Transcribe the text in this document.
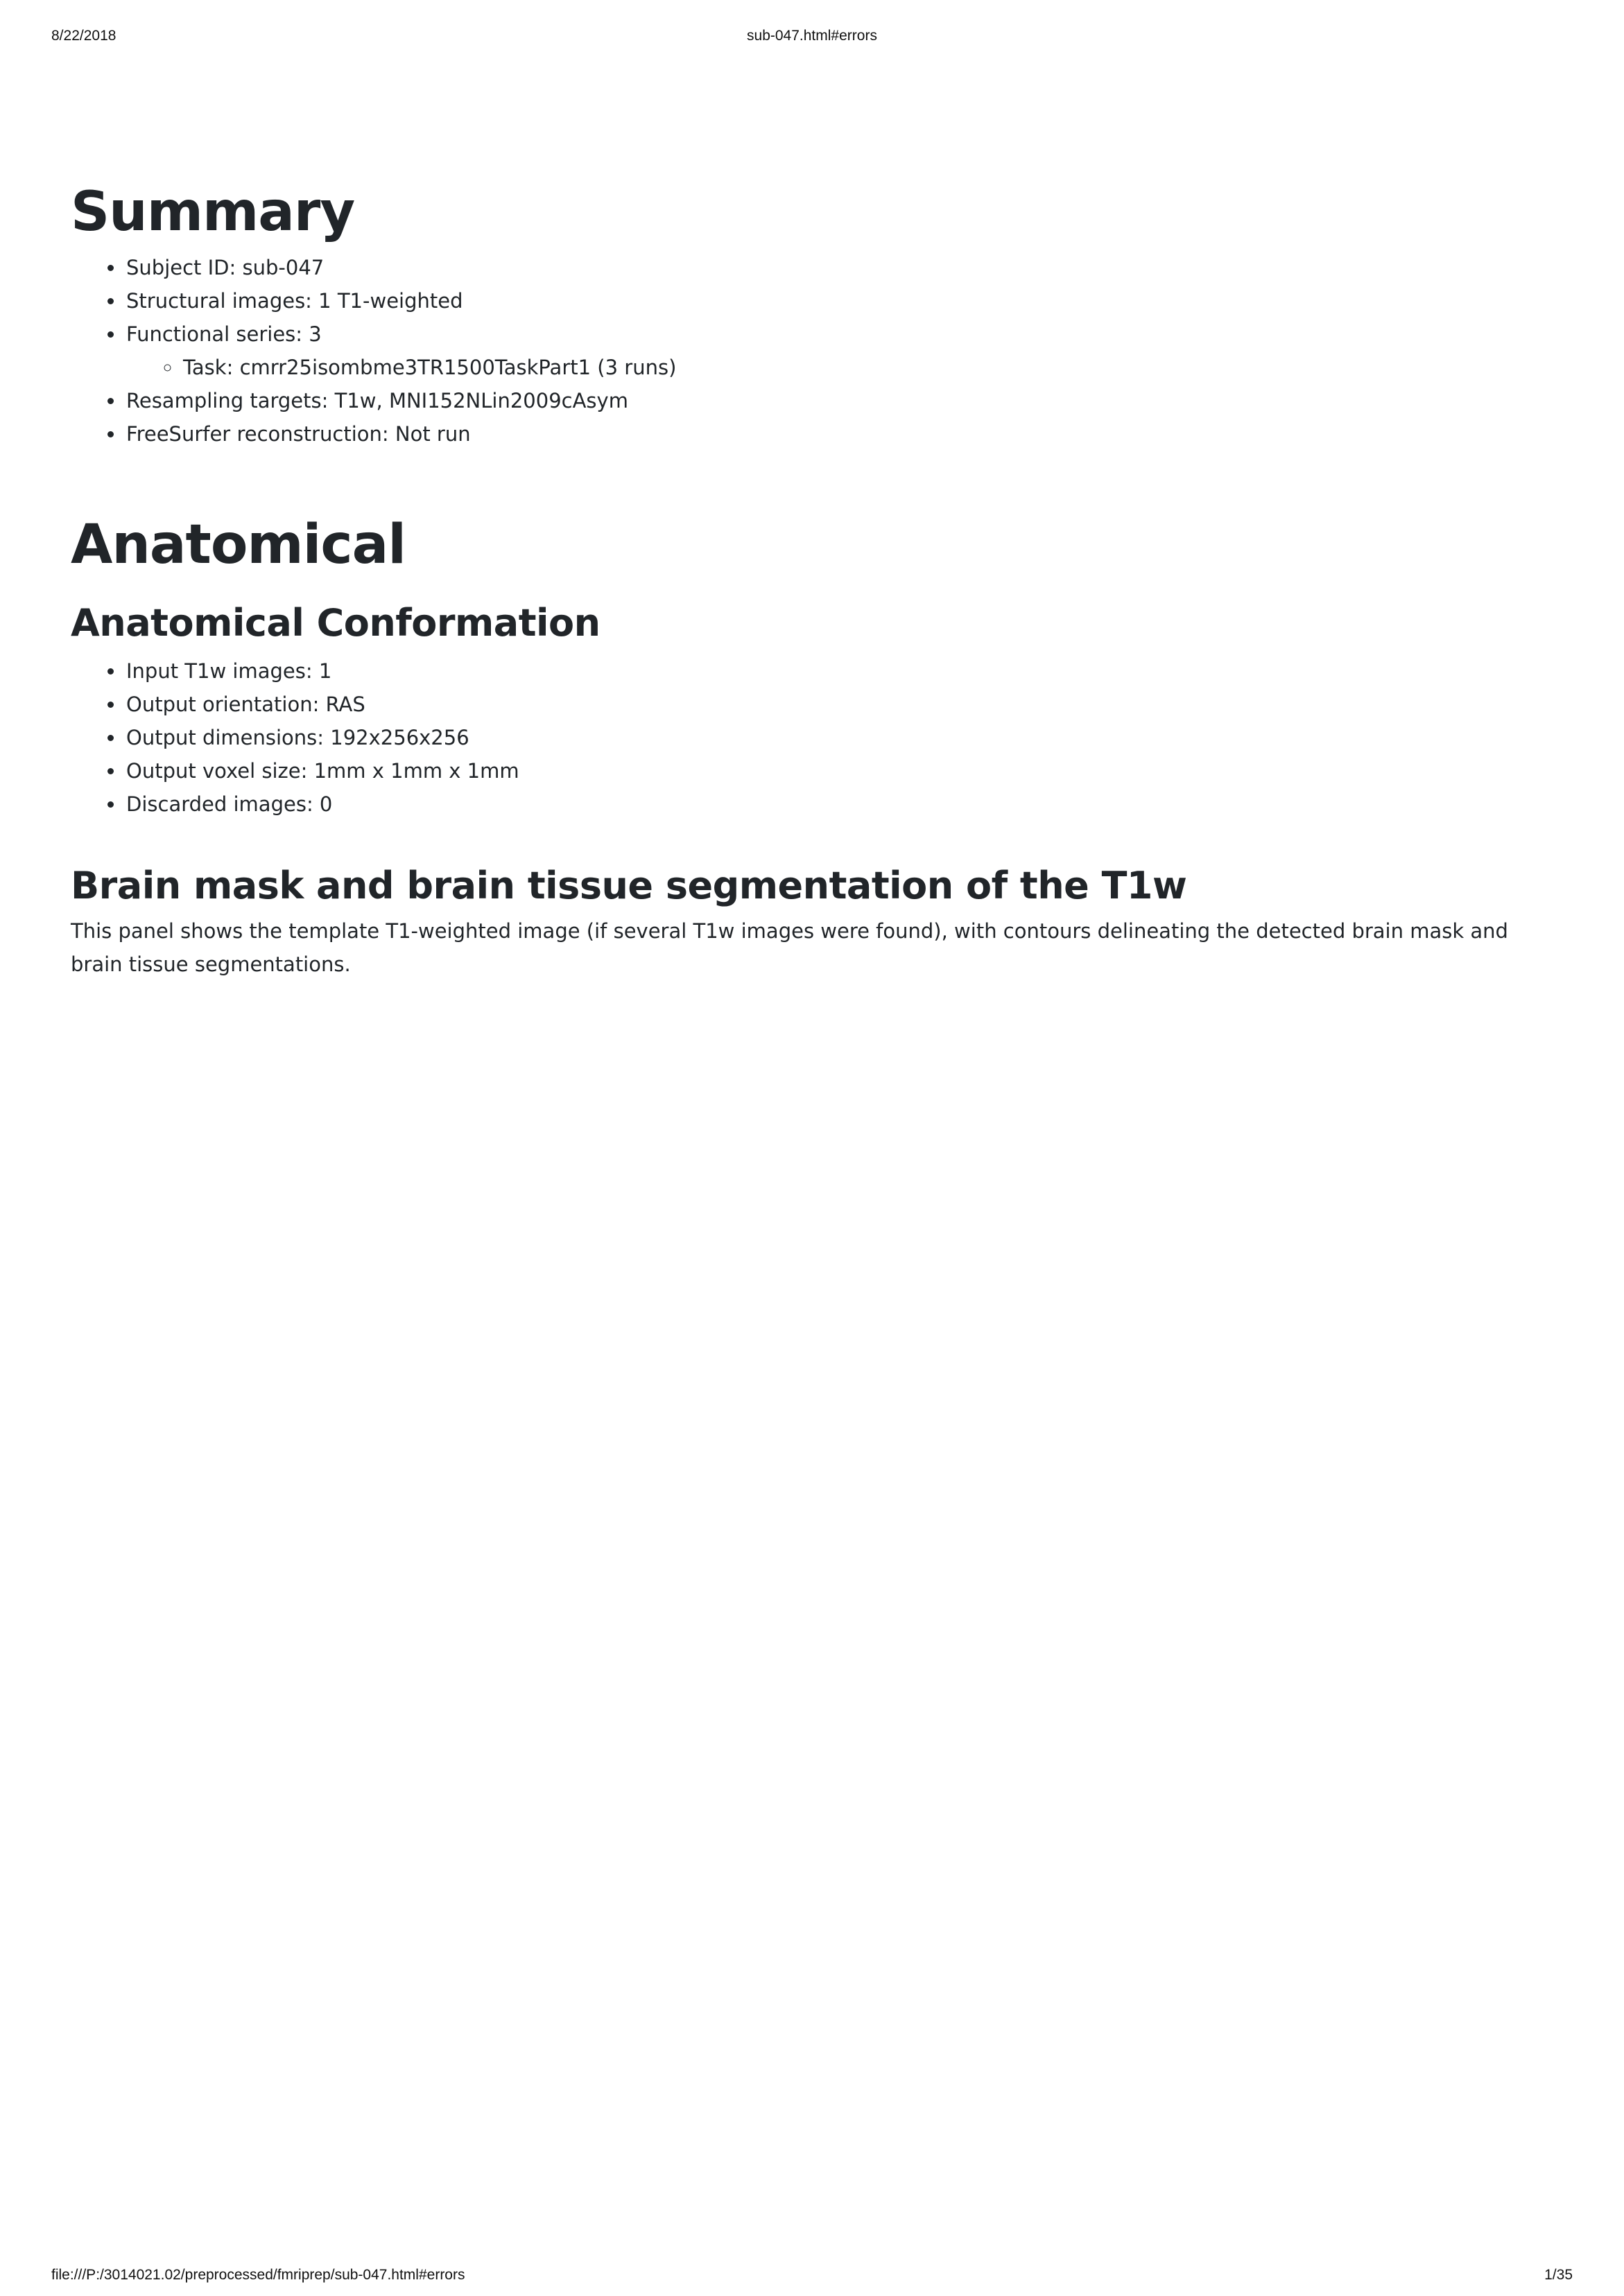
8/22/2018	sub-047.html#errors
Summary
• Subject ID: sub-047
• Structural images: 1 T1-weighted
• Functional series: 3
◦ Task: cmrr25isombme3TR1500TaskPart1 (3 runs)
• Resampling targets: T1w, MNI152NLin2009cAsym
• FreeSurfer reconstruction: Not run
Anatomical
Anatomical Conformation
• Input T1w images: 1
• Output orientation: RAS
• Output dimensions: 192x256x256
• Output voxel size: 1mm x 1mm x 1mm
• Discarded images: 0
Brain mask and brain tissue segmentation of the T1w

This panel shows the template T1-weighted image (if several T1w images were found), with contours delineating the detected brain mask and brain tissue segmentations.

file:///P:/3014021.02/preprocessed/fmriprep/sub-047.html#errors	1/35
